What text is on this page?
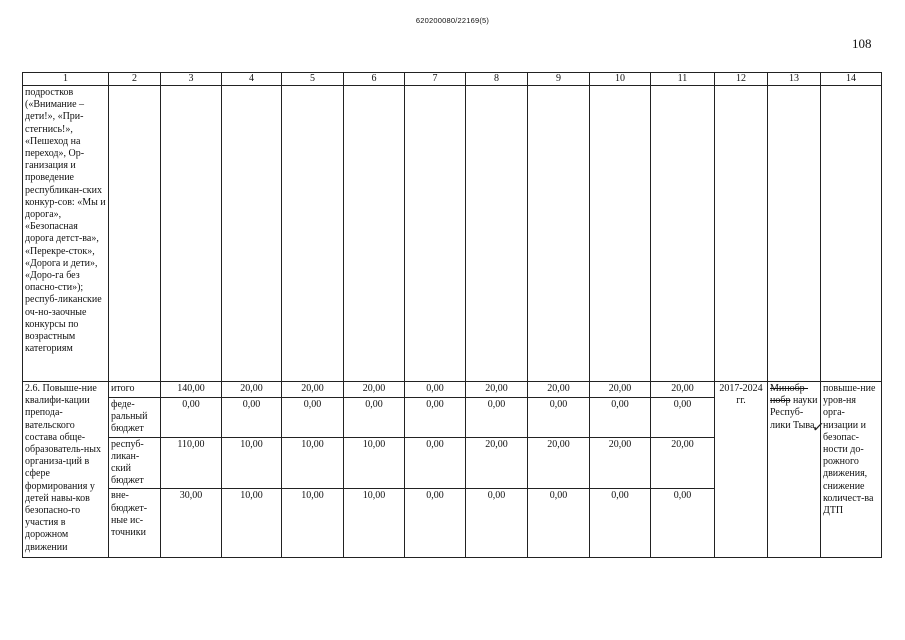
620200080/22169(5)
108
1	2	3	4	5	6	7	8	9	10	11	12	13	14
подростков («Внимание – дети!», «При-стегнись!», «Пешеход на переход», Ор-ганизация и проведение республикан-ских конкур-сов: «Мы и дорога», «Безопасная дорога детст-ва», «Перекре-сток», «Дорога и дети», «Доро-га без опасно-сти»); респуб-ликанские оч-но-заочные конкурсы по возрастным категориям													
2.6. Повыше-ние квалифи-кации препода-вательского состава обще-образователь-ных организа-ций в сфере формирования у детей навы-ков безопасно-го участия в дорожном движении	итого	140,00	20,00	20,00	20,00	0,00	20,00	20,00	20,00	20,00	2017-2024 гг.	Минобр-нобр науки Респуб-лики Тыва	повыше-ние уров-ня орга-низации и безопас-ности до-рожного движения, снижение количест-ва ДТП
	феде-ральный бюджет	0,00	0,00	0,00	0,00	0,00	0,00	0,00	0,00	0,00			
	респуб-ликан-ский бюджет	110,00	10,00	10,00	10,00	0,00	20,00	20,00	20,00	20,00			
	вне-бюджет-ные ис-точники	30,00	10,00	10,00	10,00	0,00	0,00	0,00	0,00	0,00			
✓
